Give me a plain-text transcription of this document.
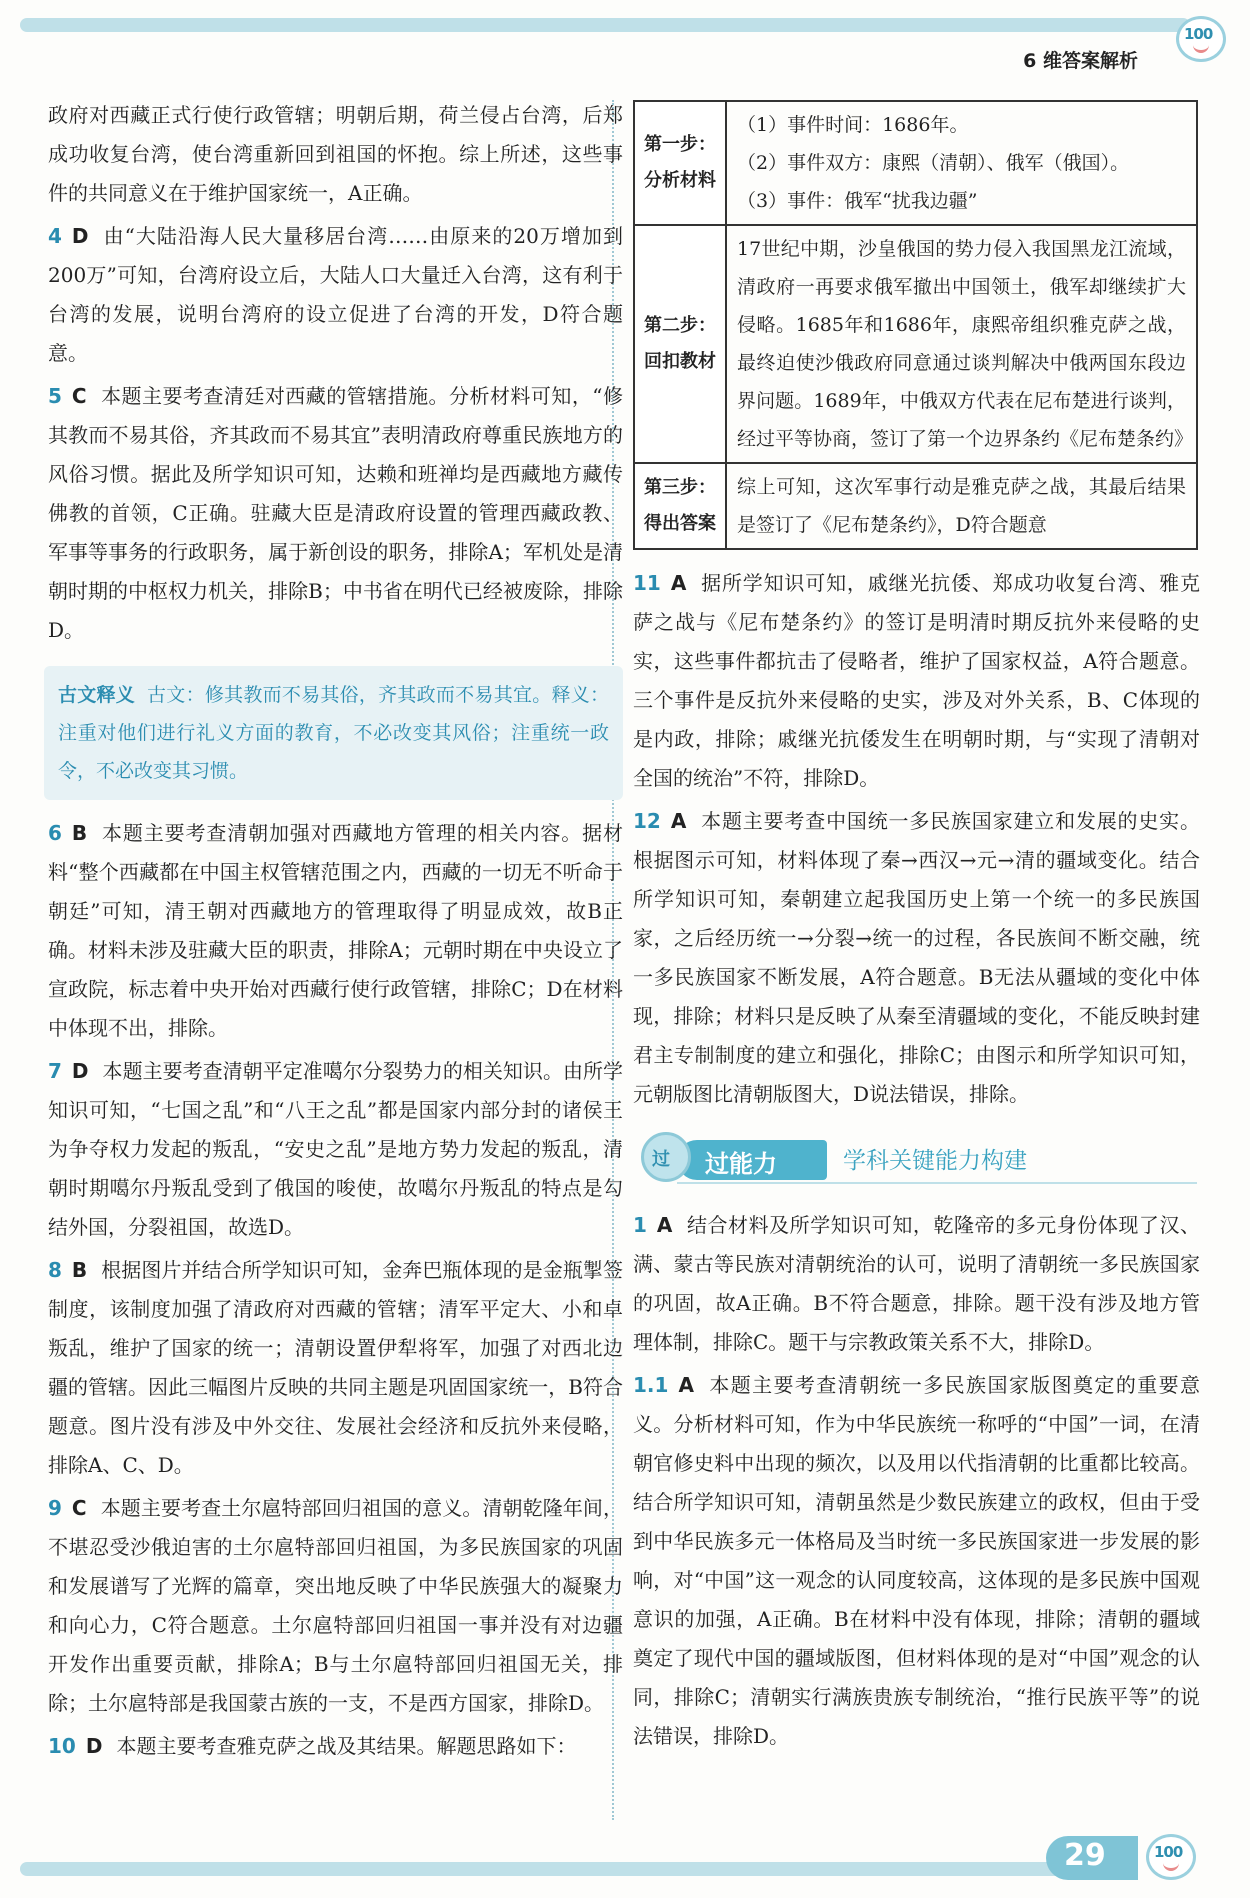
100
6 维答案解析

政府对西藏正式行使行政管辖；明朝后期，荷兰侵占台湾，后郑成功收复台湾，使台湾重新回到祖国的怀抱。综上所述，这些事件的共同意义在于维护国家统一，A正确。

4 D 由“大陆沿海人民大量移居台湾……由原来的20万增加到200万”可知，台湾府设立后，大陆人口大量迁入台湾，这有利于台湾的发展，说明台湾府的设立促进了台湾的开发，D符合题意。

5 C 本题主要考查清廷对西藏的管辖措施。分析材料可知，“修其教而不易其俗，齐其政而不易其宜”表明清政府尊重民族地方的风俗习惯。据此及所学知识可知，达赖和班禅均是西藏地方藏传佛教的首领，C正确。驻藏大臣是清政府设置的管理西藏政教、军事等事务的行政职务，属于新创设的职务，排除A；军机处是清朝时期的中枢权力机关，排除B；中书省在明代已经被废除，排除D。

古文释义 古文：修其教而不易其俗，齐其政而不易其宜。释义：注重对他们进行礼义方面的教育，不必改变其风俗；注重统一政令，不必改变其习惯。

6 B 本题主要考查清朝加强对西藏地方管理的相关内容。据材料“整个西藏都在中国主权管辖范围之内，西藏的一切无不听命于朝廷”可知，清王朝对西藏地方的管理取得了明显成效，故B正确。材料未涉及驻藏大臣的职责，排除A；元朝时期在中央设立了宣政院，标志着中央开始对西藏行使行政管辖，排除C；D在材料中体现不出，排除。

7 D 本题主要考查清朝平定准噶尔分裂势力的相关知识。由所学知识可知，“七国之乱”和“八王之乱”都是国家内部分封的诸侯王为争夺权力发起的叛乱，“安史之乱”是地方势力发起的叛乱，清朝时期噶尔丹叛乱受到了俄国的唆使，故噶尔丹叛乱的特点是勾结外国，分裂祖国，故选D。

8 B 根据图片并结合所学知识可知，金奔巴瓶体现的是金瓶掣签制度，该制度加强了清政府对西藏的管辖；清军平定大、小和卓叛乱，维护了国家的统一；清朝设置伊犁将军，加强了对西北边疆的管辖。因此三幅图片反映的共同主题是巩固国家统一，B符合题意。图片没有涉及中外交往、发展社会经济和反抗外来侵略，排除A、C、D。

9 C 本题主要考查土尔扈特部回归祖国的意义。清朝乾隆年间，不堪忍受沙俄迫害的土尔扈特部回归祖国，为多民族国家的巩固和发展谱写了光辉的篇章，突出地反映了中华民族强大的凝聚力和向心力，C符合题意。土尔扈特部回归祖国一事并没有对边疆开发作出重要贡献，排除A；B与土尔扈特部回归祖国无关，排除；土尔扈特部是我国蒙古族的一支，不是西方国家，排除D。

10 D 本题主要考查雅克萨之战及其结果。解题思路如下：

第一步：分析材料	（1）事件时间：1686年。
（2）事件双方：康熙（清朝）、俄军（俄国）。
（3）事件：俄军“扰我边疆”

第二步：回扣教材	17世纪中期，沙皇俄国的势力侵入我国黑龙江流域，清政府一再要求俄军撤出中国领土，俄军却继续扩大侵略。1685年和1686年，康熙帝组织雅克萨之战，最终迫使沙俄政府同意通过谈判解决中俄两国东段边界问题。1689年，中俄双方代表在尼布楚进行谈判，经过平等协商，签订了第一个边界条约《尼布楚条约》

第三步：得出答案	综上可知，这次军事行动是雅克萨之战，其最后结果是签订了《尼布楚条约》，D符合题意

11 A 据所学知识可知，戚继光抗倭、郑成功收复台湾、雅克萨之战与《尼布楚条约》的签订是明清时期反抗外来侵略的史实，这些事件都抗击了侵略者，维护了国家权益，A符合题意。三个事件是反抗外来侵略的史实，涉及对外关系，B、C体现的是内政，排除；戚继光抗倭发生在明朝时期，与“实现了清朝对全国的统治”不符，排除D。

12 A 本题主要考查中国统一多民族国家建立和发展的史实。根据图示可知，材料体现了秦→西汉→元→清的疆域变化。结合所学知识可知，秦朝建立起我国历史上第一个统一的多民族国家，之后经历统一→分裂→统一的过程，各民族间不断交融，统一多民族国家不断发展，A符合题意。B无法从疆域的变化中体现，排除；材料只是反映了从秦至清疆域的变化，不能反映封建君主专制制度的建立和强化，排除C；由图示和所学知识可知，元朝版图比清朝版图大，D说法错误，排除。

过能力
过	学科关键能力构建

1 A 结合材料及所学知识可知，乾隆帝的多元身份体现了汉、满、蒙古等民族对清朝统治的认可，说明了清朝统一多民族国家的巩固，故A正确。B不符合题意，排除。题干没有涉及地方管理体制，排除C。题干与宗教政策关系不大，排除D。

1.1 A 本题主要考查清朝统一多民族国家版图奠定的重要意义。分析材料可知，作为中华民族统一称呼的“中国”一词，在清朝官修史料中出现的频次，以及用以代指清朝的比重都比较高。结合所学知识可知，清朝虽然是少数民族建立的政权，但由于受到中华民族多元一体格局及当时统一多民族国家进一步发展的影响，对“中国”这一观念的认同度较高，这体现的是多民族中国观意识的加强，A正确。B在材料中没有体现，排除；清朝的疆域奠定了现代中国的疆域版图，但材料体现的是对“中国”观念的认同，排除C；清朝实行满族贵族专制统治，“推行民族平等”的说法错误，排除D。

29	100
